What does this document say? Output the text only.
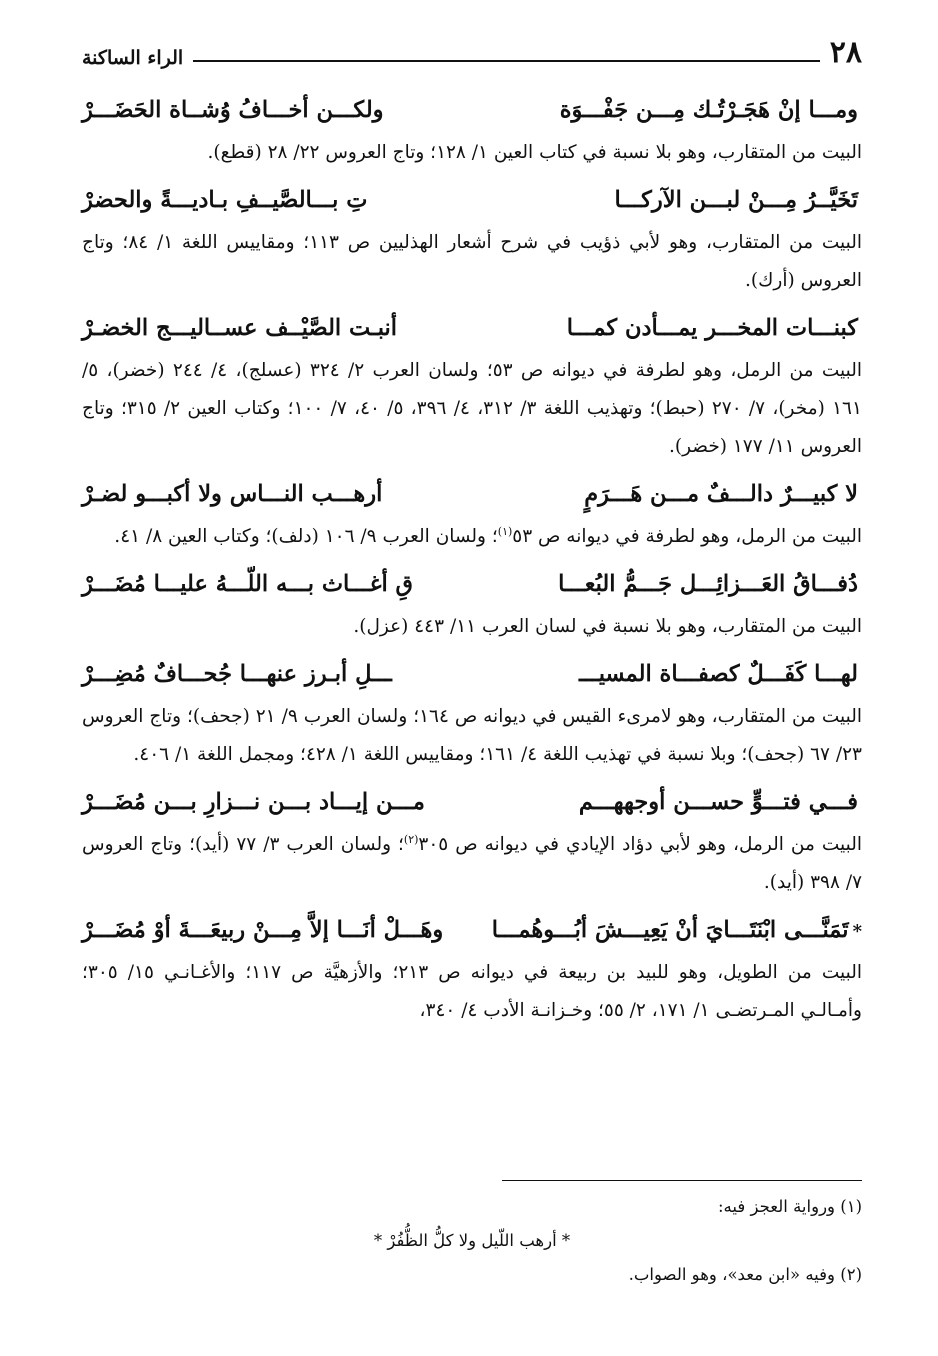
٢٨
الراء الساكنة
ومـــا إنْ هَجَـرْتُـك مِـــن جَفْـــوَة
ولكـــن أخـــافُ وُشــاة الحَضَـــرْ
البيت من المتقارب، وهو بلا نسبة في كتاب العين ١/ ١٢٨؛ وتاج العروس ٢٢/ ٢٨ (قطع).
تَخَيَّــرُ مِـــنْ لبـــن الآركـــا
تِ بـــالصَّيــفِ بـاديـــةً والحضرْ
البيت من المتقارب، وهو لأبي ذؤيب في شرح أشعار الهذليين ص ١١٣؛ ومقاييس اللغة ١/ ٨٤؛ وتاج العروس (أرك).
كبنـــات المخـــر يمـــأدن كمـــا
أنبـت الصَّيْــف عســاليـــج الخضـرْ
البيت من الرمل، وهو لطرفة في ديوانه ص ٥٣؛ ولسان العرب ٢/ ٣٢٤ (عسلج)، ٤/ ٢٤٤ (خضر)، ٥/ ١٦١ (مخر)، ٧/ ٢٧٠ (حبط)؛ وتهذيب اللغة ٣/ ٣١٢، ٤/ ٣٩٦، ٥/ ٤٠، ٧/ ١٠٠؛ وكتاب العين ٢/ ٣١٥؛ وتاج العروس ١١/ ١٧٧ (خضر).
لا كبيـــرٌ دالـــفٌ مـــن هَـــرَمٍ
أرهـــب النـــاس ولا أكبـــو لضـرْ
البيت من الرمل، وهو لطرفة في ديوانه ص ٥٣$^{(١)}$؛ ولسان العرب ٩/ ١٠٦ (دلف)؛ وكتاب العين ٨/ ٤١.
دُفـــاقُ العَـــزائِـــل جَـــمُّ البُعـــا
قِ أغـــاث بـــه اللّـــهُ عليـــا مُضَـــرْ
البيت من المتقارب، وهو بلا نسبة في لسان العرب ١١/ ٤٤٣ (عزل).
لهـــا كَفَـــلٌ كصفـــاة المسيـــ
ـــلِ أبـرز عنهـــا جُحـــافٌ مُضِـــرْ
البيت من المتقارب، وهو لامرىء القيس في ديوانه ص ١٦٤؛ ولسان العرب ٩/ ٢١ (جحف)؛ وتاج العروس ٢٣/ ٦٧ (جحف)؛ وبلا نسبة في تهذيب اللغة ٤/ ١٦١؛ ومقاييس اللغة ١/ ٤٢٨؛ ومجمل اللغة ١/ ٤٠٦.
فـــي فتـــوٍّ حســـن أوجههـــم
مـــن إيـــاد بـــن نـــزارِ بـــن مُضَـــرْ
البيت من الرمل، وهو لأبي دؤاد الإيادي في ديوانه ص ٣٠٥$^{(٢)}$؛ ولسان العرب ٣/ ٧٧ (أيد)؛ وتاج العروس ٧/ ٣٩٨ (أيد).
*تَمَنَّـــى ابْنَتَـــايَ أنْ يَعِيـــشَ أبُـــوهُمـــا
وهَـــلْ أنَـــا إلاَّ مِـــنْ ربيعَـــةَ أوْ مُضَـــرْ
البيت من الطويل، وهو للبيد بن ربيعة في ديوانه ص ٢١٣؛ والأزهيَّة ص ١١٧؛ والأغـانـي ١٥/ ٣٠٥؛ وأمـالـي المـرتضـى ١/ ١٧١، ٢/ ٥٥؛ وخـزانـة الأدب ٤/ ٣٤٠،
(١) ورواية العجز فيه:
* أرهب اللّيل ولا كلُّ الظُّفُرْ *
(٢) وفيه «ابن معد»، وهو الصواب.
